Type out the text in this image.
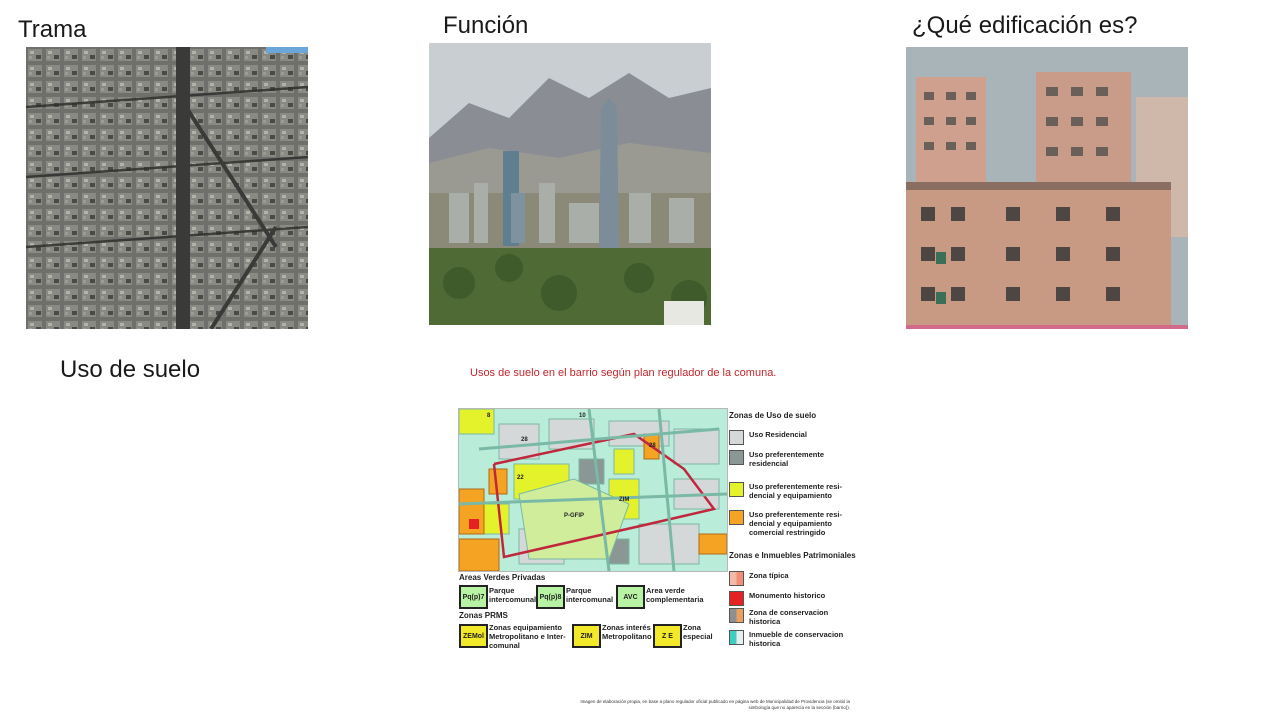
Trama	Función	¿Qué edificación es?
Uso de suelo	Usos de suelo en el barrio según plan regulador de la comuna.
8	10
28
28
22
P-GFIP
ZIM
Zonas de Uso de suelo
Uso Residencial
Uso preferentemente residencial
Uso preferentemente resi- dencial y equipamiento
Uso preferentemente resi- dencial y equipamiento comercial restringido
Zonas e Inmuebles Patrimoniales
Zona típica
Monumento historico
Zona de conservacion historica
Inmueble de conservacion historica
Areas Verdes Privadas
Pq(p)7
Parque intercomunal Pq(p)8
Parque intercomunal	AVC
Area verde complementaria
Zonas PRMS
ZEMol
Zonas equipamiento Metropolitano e Inter- comunal
ZIM
Zonas interés Metropolitano	Z E
Zona especial
Imagen de elaboración propia, en base a plano regulador oficial publicado en página web de Municipalidad de Providencia (se omitió la simbología que no aparecía en la sección (barrio)).
